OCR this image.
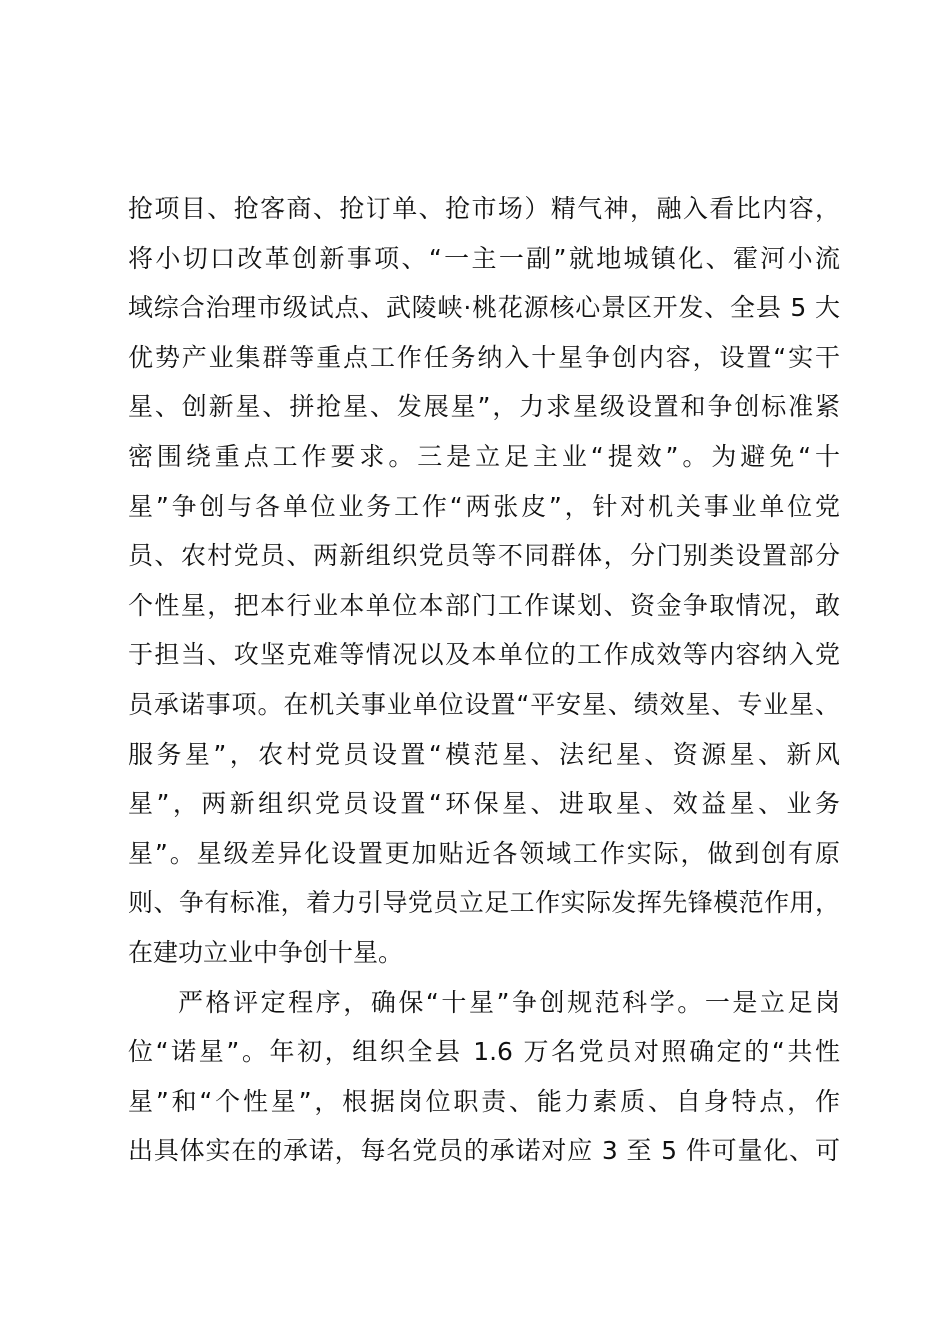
抢项目、抢客商、抢订单、抢市场）精气神，融入看比内容，
将小切口改革创新事项、“一主一副”就地城镇化、霍河小流
域综合治理市级试点、武陵峡·桃花源核心景区开发、全县 5 大
优势产业集群等重点工作任务纳入十星争创内容，设置“实干
星、创新星、拼抢星、发展星”，力求星级设置和争创标准紧
密围绕重点工作要求。三是立足主业“提效”。为避免“十
星”争创与各单位业务工作“两张皮”，针对机关事业单位党
员、农村党员、两新组织党员等不同群体，分门别类设置部分
个性星，把本行业本单位本部门工作谋划、资金争取情况，敢
于担当、攻坚克难等情况以及本单位的工作成效等内容纳入党
员承诺事项。在机关事业单位设置“平安星、绩效星、专业星、
服务星”，农村党员设置“模范星、法纪星、资源星、新风
星”，两新组织党员设置“环保星、进取星、效益星、业务
星”。星级差异化设置更加贴近各领域工作实际，做到创有原
则、争有标准，着力引导党员立足工作实际发挥先锋模范作用，
在建功立业中争创十星。
严格评定程序，确保“十星”争创规范科学。一是立足岗
位“诺星”。年初，组织全县 1.6 万名党员对照确定的“共性
星”和“个性星”，根据岗位职责、能力素质、自身特点，作
出具体实在的承诺，每名党员的承诺对应 3 至 5 件可量化、可
